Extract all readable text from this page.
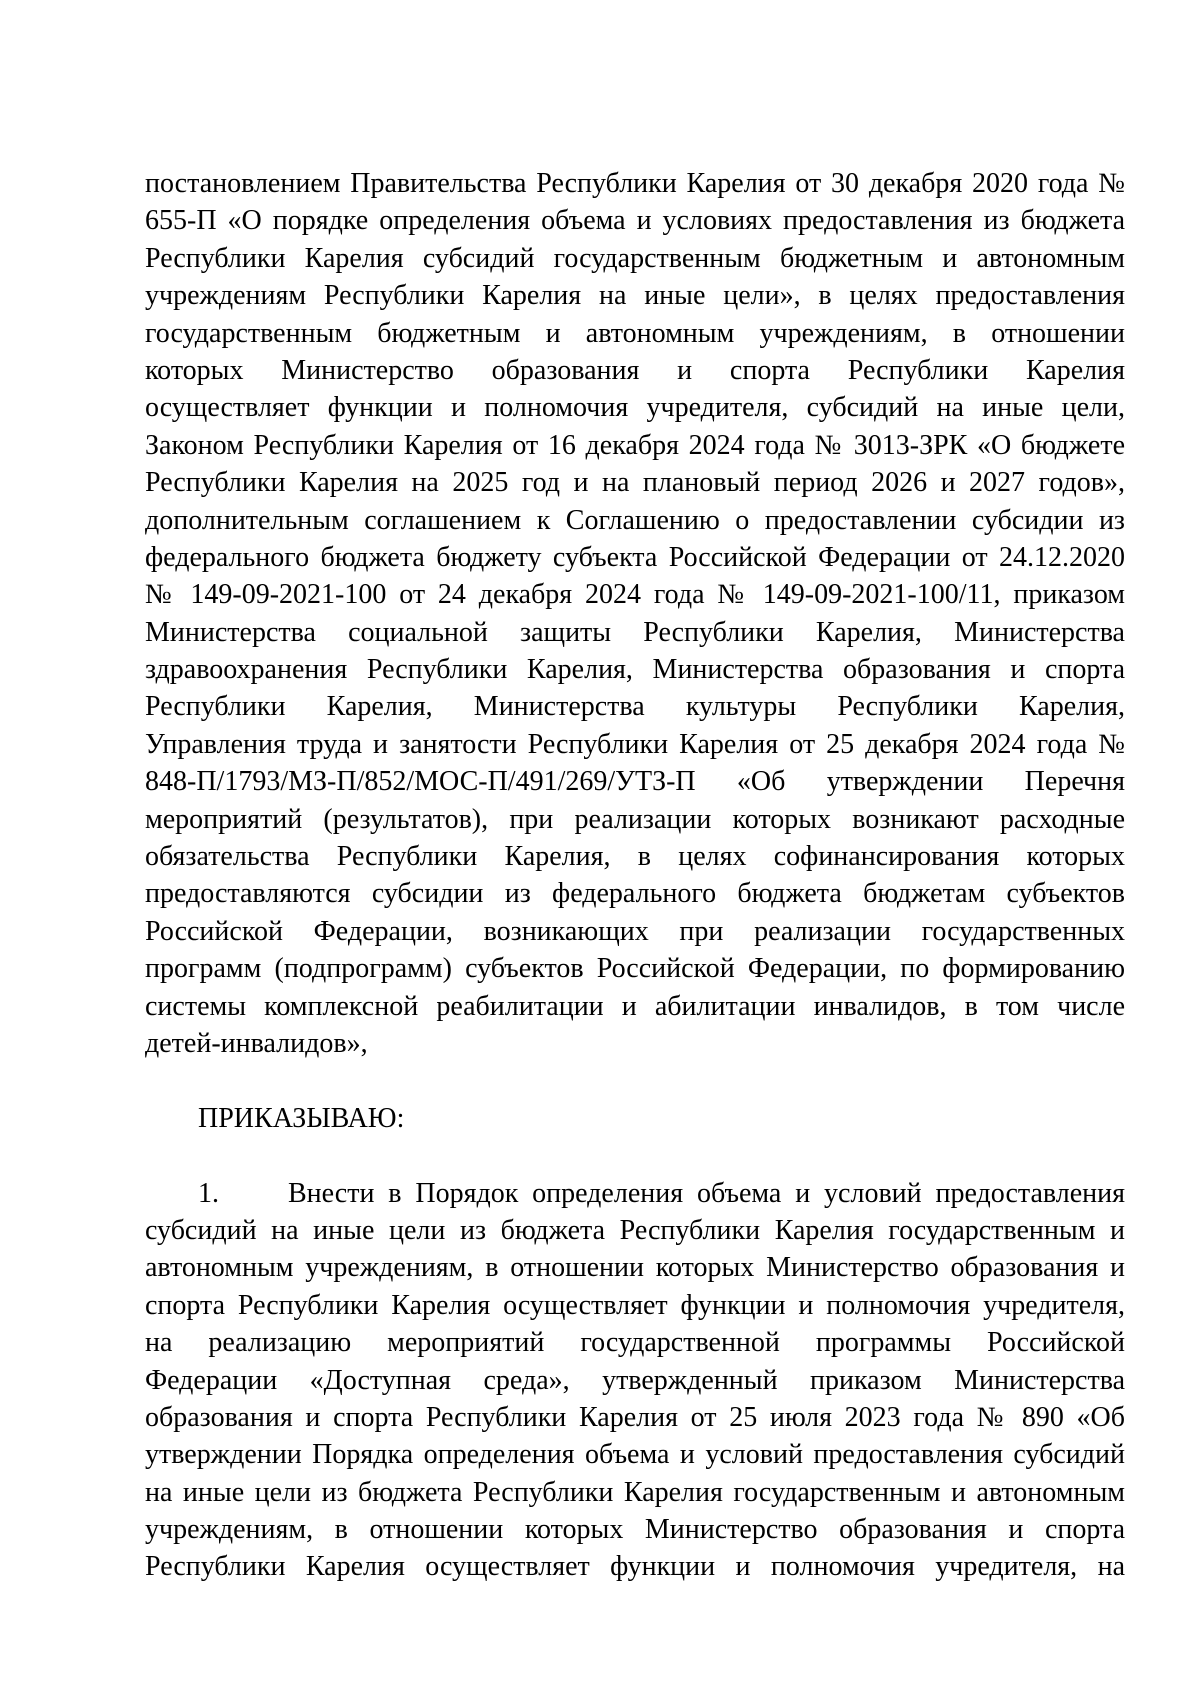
постановлением Правительства Республики Карелия от 30 декабря 2020 года №
655-П «О порядке определения объема и условиях предоставления из бюджета
Республики Карелия субсидий государственным бюджетным и автономным
учреждениям Республики Карелия на иные цели», в целях предоставления
государственным бюджетным и автономным учреждениям, в отношении
которых Министерство образования и спорта Республики Карелия
осуществляет функции и полномочия учредителя, субсидий на иные цели,
Законом Республики Карелия от 16 декабря 2024 года № 3013-ЗРК «О бюджете
Республики Карелия на 2025 год и на плановый период 2026 и 2027 годов»,
дополнительным соглашением к Соглашению о предоставлении субсидии из
федерального бюджета бюджету субъекта Российской Федерации от 24.12.2020
№ 149-09-2021-100 от 24 декабря 2024 года № 149-09-2021-100/11, приказом
Министерства социальной защиты Республики Карелия, Министерства
здравоохранения Республики Карелия, Министерства образования и спорта
Республики Карелия, Министерства культуры Республики Карелия,
Управления труда и занятости Республики Карелия от 25 декабря 2024 года №
848-П/1793/МЗ-П/852/МОС-П/491/269/УТЗ-П «Об утверждении Перечня
мероприятий (результатов), при реализации которых возникают расходные
обязательства Республики Карелия, в целях софинансирования которых
предоставляются субсидии из федерального бюджета бюджетам субъектов
Российской Федерации, возникающих при реализации государственных
программ (подпрограмм) субъектов Российской Федерации, по формированию
системы комплексной реабилитации и абилитации инвалидов, в том числе
детей-инвалидов»,
ПРИКАЗЫВАЮ:
1.	Внести в Порядок определения объема и условий предоставления
субсидий на иные цели из бюджета Республики Карелия государственным и
автономным учреждениям, в отношении которых Министерство образования и
спорта Республики Карелия осуществляет функции и полномочия учредителя,
на реализацию мероприятий государственной программы Российской
Федерации «Доступная среда», утвержденный приказом Министерства
образования и спорта Республики Карелия от 25 июля 2023 года № 890 «Об
утверждении Порядка определения объема и условий предоставления субсидий
на иные цели из бюджета Республики Карелия государственным и автономным
учреждениям, в отношении которых Министерство образования и спорта
Республики Карелия осуществляет функции и полномочия учредителя, на
